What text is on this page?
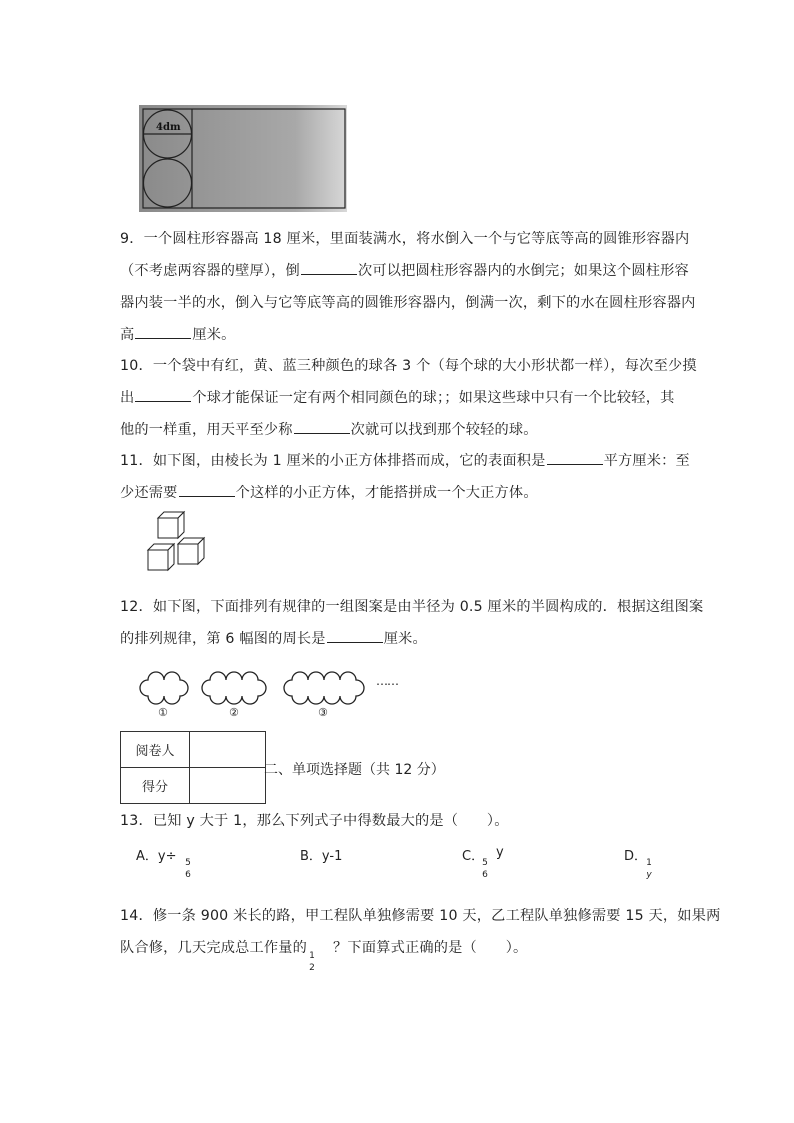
4dm
9．一个圆柱形容器高 18 厘米，里面装满水，将水倒入一个与它等底等高的圆锥形容器内
（不考虑两容器的壁厚），倒	次可以把圆柱形容器内的水倒完；如果这个圆柱形容
器内装一半的水，倒入与它等底等高的圆锥形容器内，倒满一次，剩下的水在圆柱形容器内
高	厘米。
10．一个袋中有红，黄、蓝三种颜色的球各 3 个（每个球的大小形状都一样），每次至少摸
出	个球才能保证一定有两个相同颜色的球；；如果这些球中只有一个比较轻，其
他的一样重，用天平至少称	次就可以找到那个较轻的球。
11．如下图，由棱长为 1 厘米的小正方体排搭而成，它的表面积是	平方厘米：至
少还需要	个这样的小正方体，才能搭拼成一个大正方体。
12．如下图，下面排列有规律的一组图案是由半径为 0.5 厘米的半圆构成的．根据这组图案
的排列规律，第 6 幅图的周长是	厘米。
……
①	②	③
阅卷人	
得分	
二、单项选择题（共 12 分）
13．已知 y 大于 1，那么下列式子中得数最大的是（　　）。
A．y÷ 5
6
B．y-1	C．
5
6
y	D． 1
y
14．修一条 900 米长的路，甲工程队单独修需要 10 天，乙工程队单独修需要 15 天，如果两
队合修，几天完成总工作量的 ？下面算式正确的是（　　）。
1
2
